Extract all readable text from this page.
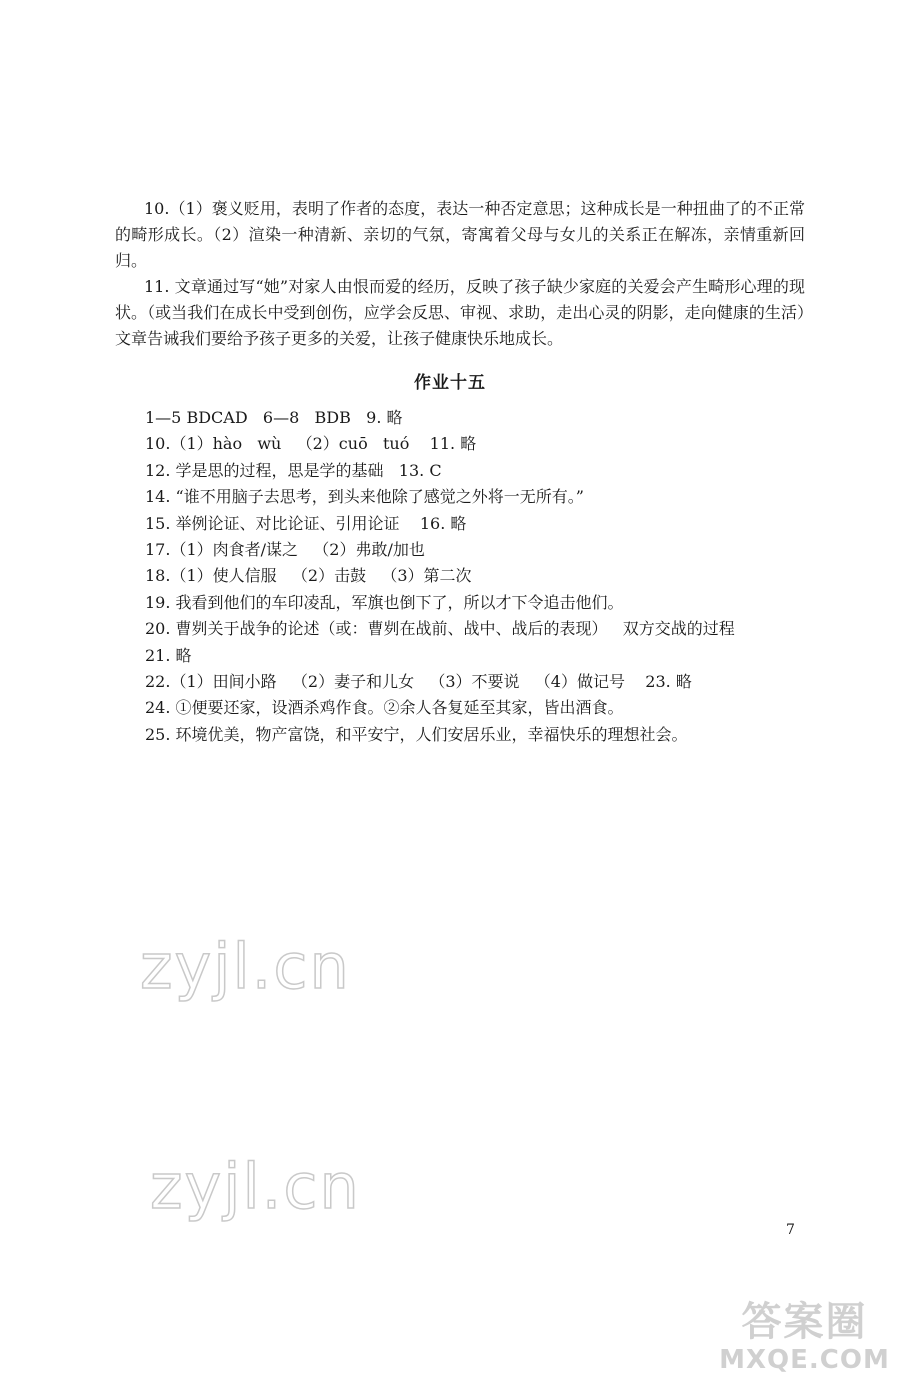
10.（1）褒义贬用，表明了作者的态度，表达一种否定意思；这种成长是一种扭曲了的不正常的畸形成长。（2）渲染一种清新、亲切的气氛，寄寓着父母与女儿的关系正在解冻，亲情重新回归。

11. 文章通过写“她”对家人由恨而爱的经历，反映了孩子缺少家庭的关爱会产生畸形心理的现状。（或当我们在成长中受到创伤，应学会反思、审视、求助，走出心灵的阴影，走向健康的生活）文章告诫我们要给予孩子更多的关爱，让孩子健康快乐地成长。

作业十五
1—5 BDCAD   6—8   BDB   9. 略
10.（1）hào   wù   （2）cuō   tuó    11. 略
12. 学是思的过程，思是学的基础   13. C
14. “谁不用脑子去思考，到头来他除了感觉之外将一无所有。”
15. 举例论证、对比论证、引用论证    16. 略
17.（1）肉食者/谋之   （2）弗敢/加也
18.（1）使人信服   （2）击鼓   （3）第二次
19. 我看到他们的车印凌乱，军旗也倒下了，所以才下令追击他们。
20. 曹刿关于战争的论述（或：曹刿在战前、战中、战后的表现）   双方交战的过程
21. 略
22.（1）田间小路   （2）妻子和儿女   （3）不要说   （4）做记号    23. 略
24. ①便要还家，设酒杀鸡作食。②余人各复延至其家，皆出酒食。
25. 环境优美，物产富饶，和平安宁，人们安居乐业，幸福快乐的理想社会。
zyjl.cn
zyjl.cn
7
答案圈
MXQE.COM
